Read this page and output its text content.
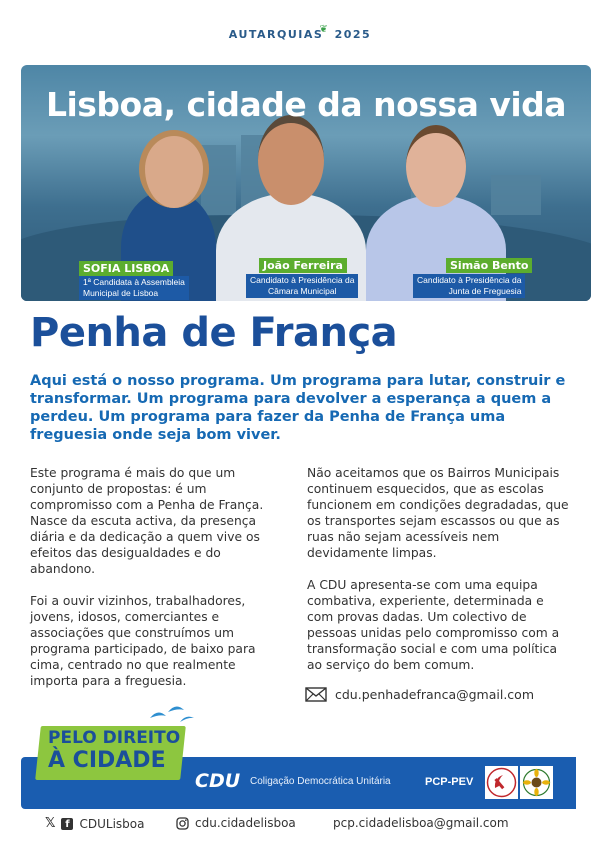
AUTARQUIAS❦ 2025
Lisboa, cidade da nossa vida
SOFIA LISBOA
1ª Candidata à Assembleia
Municipal de Lisboa
João Ferreira
Candidato à Presidência da
Câmara Municipal
Simão Bento
Candidato à Presidência da
Junta de Freguesia
Penha de França
Aqui está o nosso programa. Um programa para lutar, construir e transformar. Um programa para devolver a esperança a quem a perdeu. Um programa para fazer da Penha de França uma freguesia onde seja bom viver.

Este programa é mais do que um conjunto de propostas: é um compromisso com a Penha de França. Nasce da escuta activa, da presença diária e da dedicação a quem vive os efeitos das desigualdades e do abandono.

Foi a ouvir vizinhos, trabalhadores, jovens, idosos, comerciantes e associações que construímos um programa participado, de baixo para cima, centrado no que realmente importa para a freguesia.

Não aceitamos que os Bairros Municipais continuem esquecidos, que as escolas funcionem em condições degradadas, que os transportes sejam escassos ou que as ruas não sejam acessíveis nem devidamente limpas.

A CDU apresenta-se com uma equipa combativa, experiente, determinada e com provas dadas. Um colectivo de pessoas unidas pelo compromisso com a transformação social e com uma política ao serviço do bem comum.

cdu.penhadefranca@gmail.com
PELO DIREITO
À CIDADE
CDU Coligação Democrática Unitária	PCP-PEV
𝕏 f CDULisboa	cdu.cidadelisboa	pcp.cidadelisboa@gmail.com
